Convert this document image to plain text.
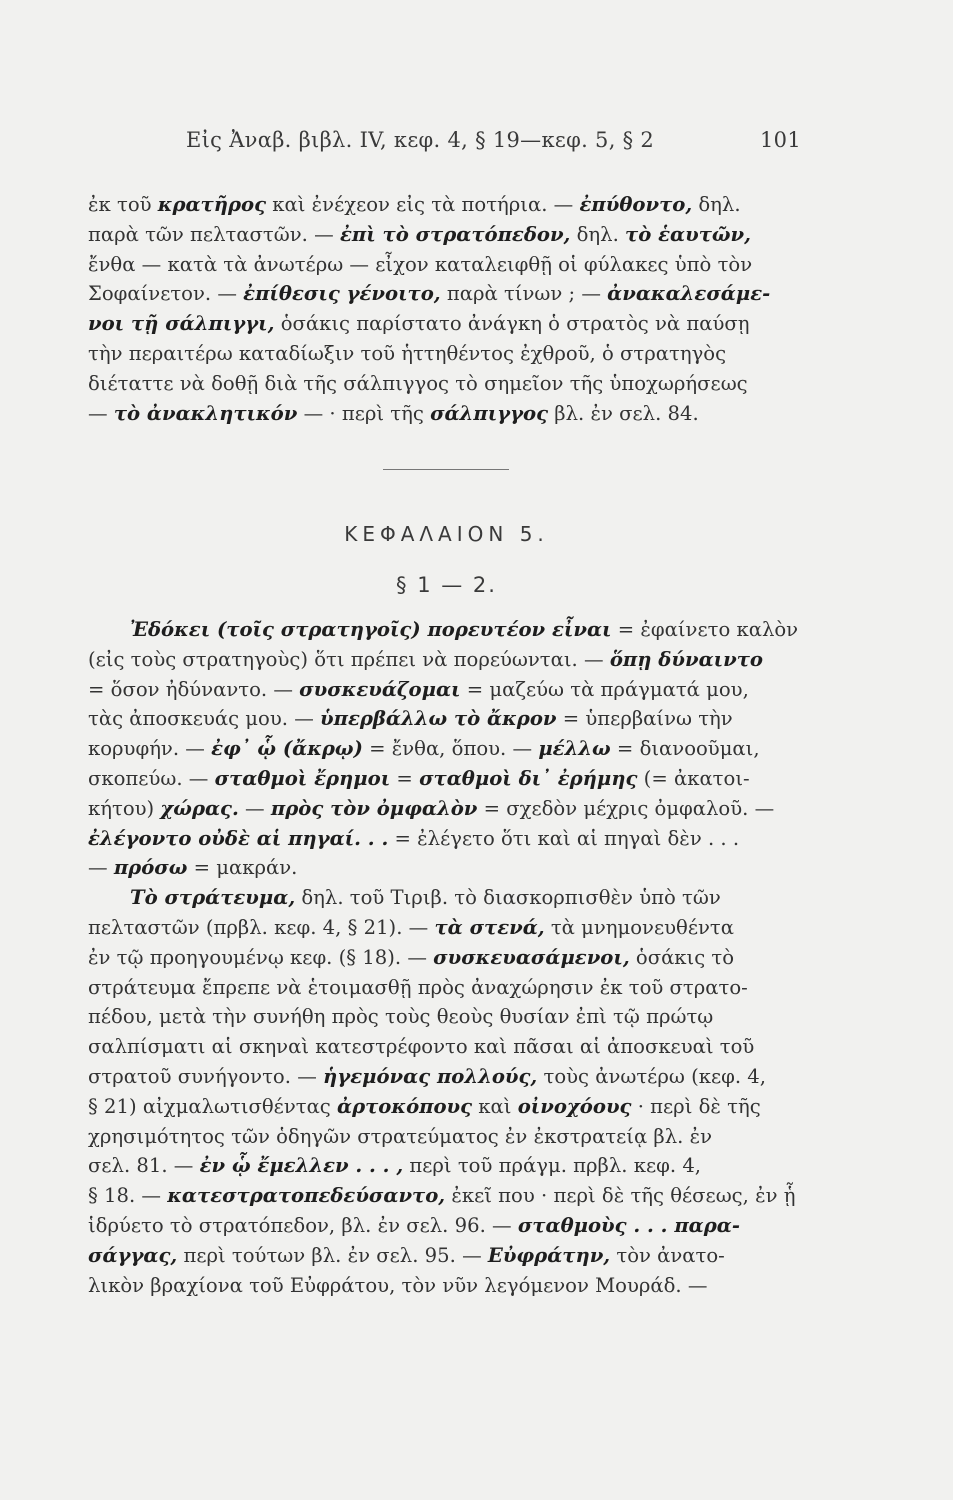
Εἰς Ἀναβ. βιβλ. IV, κεφ. 4, § 19—κεφ. 5, § 2	101
ἐκ τοῦ κρατῆρος καὶ ἐνέχεον εἰς τὰ ποτήρια. — ἐπύθοντο, δηλ.
παρὰ τῶν πελταστῶν. — ἐπὶ τὸ στρατόπεδον, δηλ. τὸ ἑαυτῶν,
ἔνθα — κατὰ τὰ ἀνωτέρω — εἶχον καταλειφθῇ οἱ φύλακες ὑπὸ τὸν
Σοφαίνετον. — ἐπίθεσις γένοιτο, παρὰ τίνων ; — ἀνακαλεσάμε-
νοι τῇ σάλπιγγι, ὁσάκις παρίστατο ἀνάγκη ὁ στρατὸς νὰ παύσῃ
τὴν περαιτέρω καταδίωξιν τοῦ ἡττηθέντος ἐχθροῦ, ὁ στρατηγὸς
διέταττε νὰ δοθῇ διὰ τῆς σάλπιγγος τὸ σημεῖον τῆς ὑποχωρήσεως
— τὸ ἀνακλητικόν — · περὶ τῆς σάλπιγγος βλ. ἐν σελ. 84.
ΚΕΦΑΛΑΙΟΝ 5.
§ 1 — 2.
Ἐδόκει (τοῖς στρατηγοῖς) πορευτέον εἶναι = ἐφαίνετο καλὸν
(εἰς τοὺς στρατηγοὺς) ὅτι πρέπει νὰ πορεύωνται. — ὅπῃ δύναιντο
= ὅσον ἠδύναντο. — συσκευάζομαι = μαζεύω τὰ πράγματά μου,
τὰς ἀποσκευάς μου. — ὑπερβάλλω τὸ ἄκρον = ὑπερβαίνω τὴν
κορυφήν. — ἐφ᾽ ᾧ (ἄκρῳ) = ἔνθα, ὅπου. — μέλλω = διανοοῦμαι,
σκοπεύω. — σταθμοὶ ἔρημοι = σταθμοὶ δι᾽ ἐρήμης (= ἀκατοι-
κήτου) χώρας. — πρὸς τὸν ὀμφαλὸν = σχεδὸν μέχρις ὀμφαλοῦ. —
ἐλέγοντο οὐδὲ αἱ πηγαί. . . = ἐλέγετο ὅτι καὶ αἱ πηγαὶ δὲν . . .
— πρόσω = μακράν.
Τὸ στράτευμα, δηλ. τοῦ Τιριβ. τὸ διασκορπισθὲν ὑπὸ τῶν
πελταστῶν (πρβλ. κεφ. 4, § 21). — τὰ στενά, τὰ μνημονευθέντα
ἐν τῷ προηγουμένῳ κεφ. (§ 18). — συσκευασάμενοι, ὁσάκις τὸ
στράτευμα ἔπρεπε νὰ ἑτοιμασθῇ πρὸς ἀναχώρησιν ἐκ τοῦ στρατο-
πέδου, μετὰ τὴν συνήθη πρὸς τοὺς θεοὺς θυσίαν ἐπὶ τῷ πρώτῳ
σαλπίσματι αἱ σκηναὶ κατεστρέφοντο καὶ πᾶσαι αἱ ἀποσκευαὶ τοῦ
στρατοῦ συνήγοντο. — ἡγεμόνας πολλούς, τοὺς ἀνωτέρω (κεφ. 4,
§ 21) αἰχμαλωτισθέντας ἀρτοκόπους καὶ οἰνοχόους · περὶ δὲ τῆς
χρησιμότητος τῶν ὁδηγῶν στρατεύματος ἐν ἐκστρατείᾳ βλ. ἐν
σελ. 81. — ἐν ᾧ ἔμελλεν . . . , περὶ τοῦ πράγμ. πρβλ. κεφ. 4,
§ 18. — κατεστρατοπεδεύσαντο, ἐκεῖ που · περὶ δὲ τῆς θέσεως, ἐν ᾗ
ἱδρύετο τὸ στρατόπεδον, βλ. ἐν σελ. 96. — σταθμοὺς . . . παρα-
σάγγας, περὶ τούτων βλ. ἐν σελ. 95. — Εὐφράτην, τὸν ἀνατο-
λικὸν βραχίονα τοῦ Εὐφράτου, τὸν νῦν λεγόμενον Μουράδ. —
